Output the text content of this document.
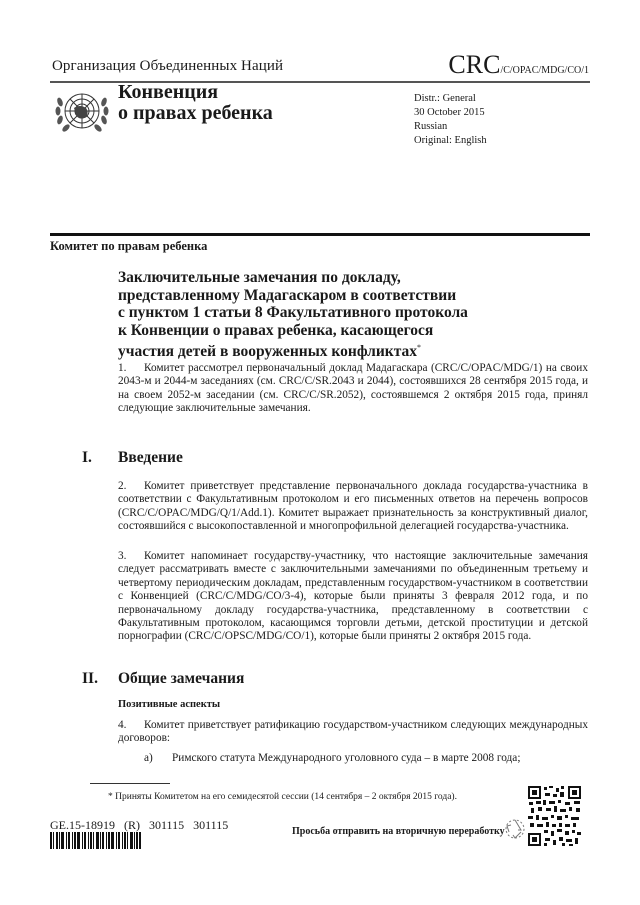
Организация Объединенных Наций	CRC/C/OPAC/MDG/CO/1
Конвенция
о правах ребенка
Distr.: General
30 October 2015
Russian
Original: English
Комитет по правам ребенка
Заключительные замечания по докладу,
представленному Мадагаскаром в соответствии
с пунктом 1 статьи 8 Факультативного протокола
к Конвенции о правах ребенка, касающегося
участия детей в вооруженных конфликтах*
1. Комитет рассмотрел первоначальный доклад Мадагаскара (CRC/C/OPAC/MDG/1) на своих 2043-м и 2044-м заседаниях (см. CRC/C/SR.2043 и 2044), состоявшихся 28 сентября 2015 года, и на своем 2052-м заседании (см. CRC/C/SR.2052), состоявшемся 2 октября 2015 года, принял следующие заключительные замечания.
I. Введение
2. Комитет приветствует представление первоначального доклада государства-участника в соответствии с Факультативным протоколом и его письменных ответов на перечень вопросов (CRC/C/OPAC/MDG/Q/1/Add.1). Комитет выражает признательность за конструктивный диалог, состоявшийся с высокопоставленной и многопрофильной делегацией государства-участника.
3. Комитет напоминает государству-участнику, что настоящие заключительные замечания следует рассматривать вместе с заключительными замечаниями по объединенным третьему и четвертому периодическим докладам, представленным государством-участником в соответствии с Конвенцией (CRC/C/MDG/CO/3-4), которые были приняты 3 февраля 2012 года, и по первоначальному докладу государства-участника, представленному в соответствии с Факультативным протоколом, касающимся торговли детьми, детской проституции и детской порнографии (CRC/C/OPSC/MDG/CO/1), которые были приняты 2 октября 2015 года.
II. Общие замечания
Позитивные аспекты
4. Комитет приветствует ратификацию государством-участником следующих международных договоров:
a) Римского статута Международного уголовного суда – в марте 2008 года;
* Приняты Комитетом на его семидесятой сессии (14 сентября – 2 октября 2015 года).
GE.15-18919 (R) 301115 301115	Просьба отправить на вторичную переработку
